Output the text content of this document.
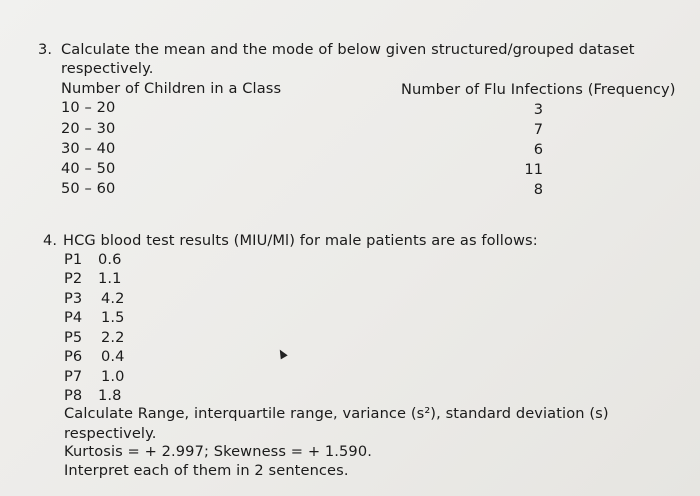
3. Calculate the mean and the mode of below given structured/grouped dataset
respectively.
Number of Children in a Class	Number of Flu Infections (Frequency)
10 – 20	3
20 – 30	7
30 – 40	6
40 – 50	11
50 – 60	8
4. HCG blood test results (MIU/Ml) for male patients are as follows:
P1 0.6
P2 1.1
P3 4.2
P4 1.5
P5 2.2
P6 0.4
P7 1.0
P8 1.8
Calculate Range, interquartile range, variance (s²), standard deviation (s)
respectively.
Kurtosis = + 2.997; Skewness = + 1.590.
Interpret each of them in 2 sentences.
